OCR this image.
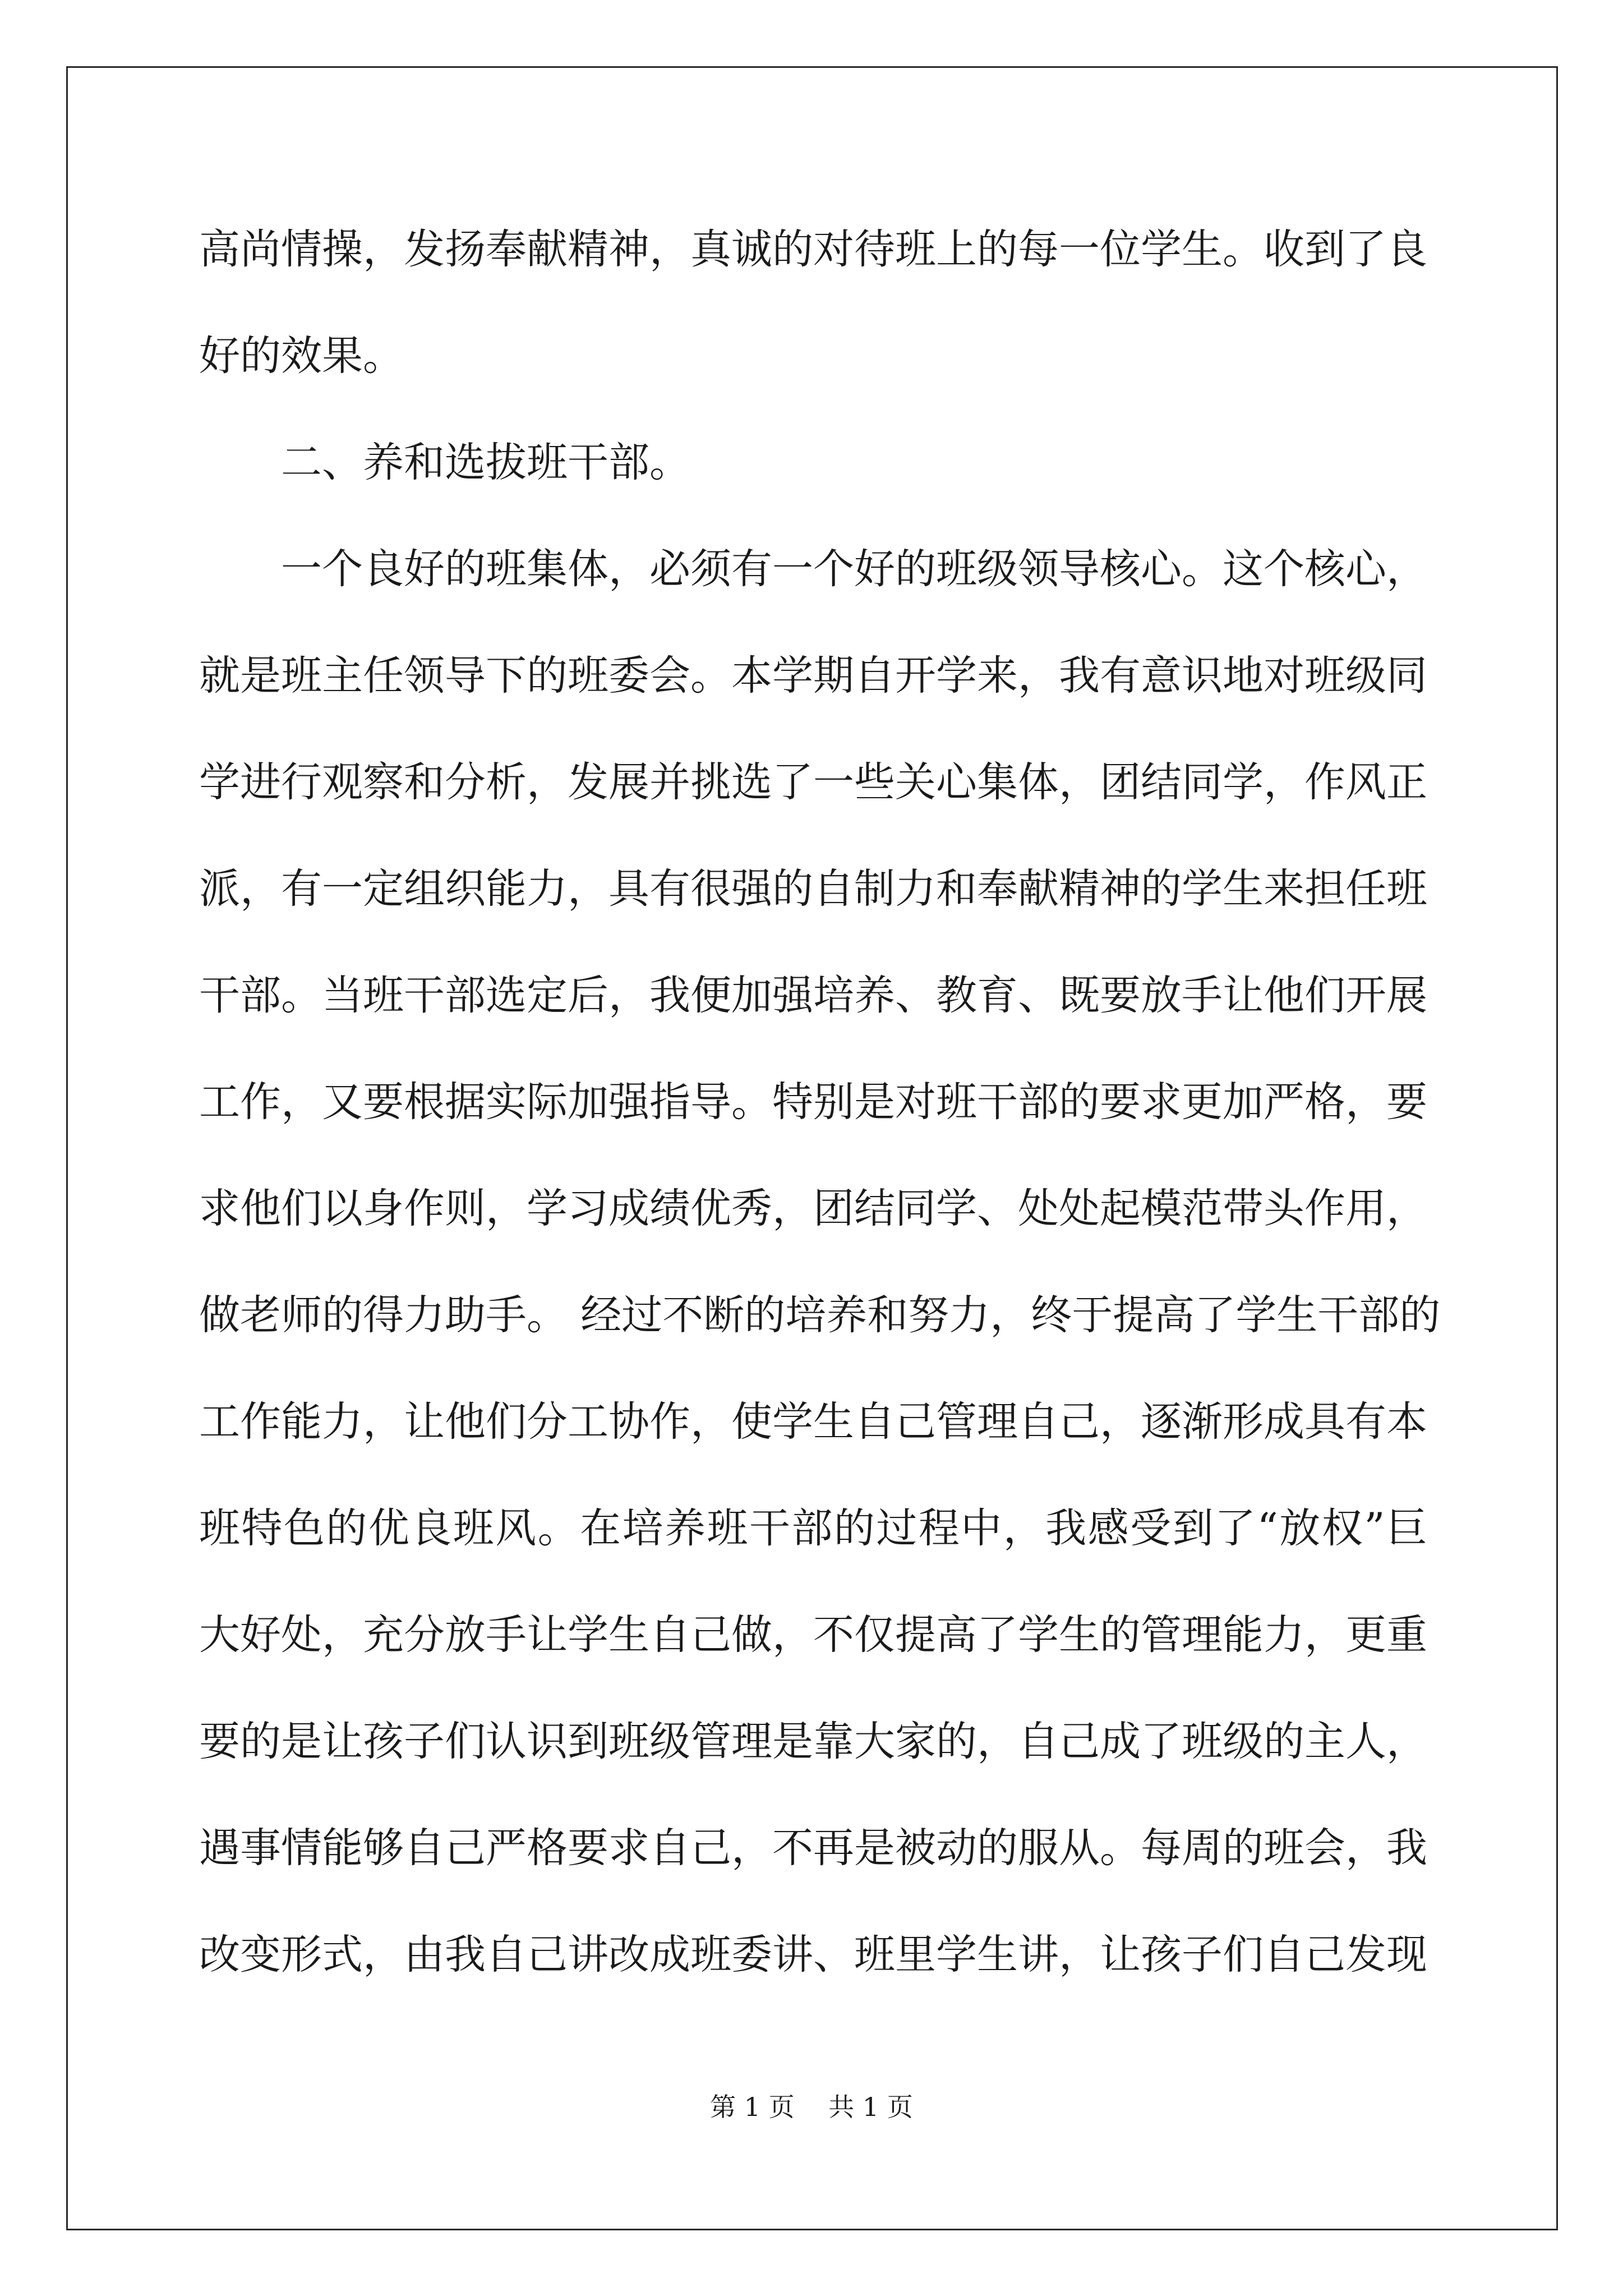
高尚情操，发扬奉献精神，真诚的对待班上的每一位学生。收到了良
好的效果。
二、养和选拔班干部。
一个良好的班集体，必须有一个好的班级领导核心。这个核心，
就是班主任领导下的班委会。本学期自开学来，我有意识地对班级同
学进行观察和分析，发展并挑选了一些关心集体，团结同学，作风正
派，有一定组织能力，具有很强的自制力和奉献精神的学生来担任班
干部。当班干部选定后，我便加强培养、教育、既要放手让他们开展
工作，又要根据实际加强指导。特别是对班干部的要求更加严格，要
求他们以身作则，学习成绩优秀，团结同学、处处起模范带头作用，
做老师的得力助手。 经过不断的培养和努力，终于提高了学生干部的
工作能力，让他们分工协作，使学生自己管理自己，逐渐形成具有本
班特色的优良班风。在培养班干部的过程中，我感受到了“放权”巨
大好处，充分放手让学生自己做，不仅提高了学生的管理能力，更重
要的是让孩子们认识到班级管理是靠大家的，自己成了班级的主人，
遇事情能够自己严格要求自己，不再是被动的服从。每周的班会，我
改变形式，由我自己讲改成班委讲、班里学生讲，让孩子们自己发现
第 1 页　 共 1 页
